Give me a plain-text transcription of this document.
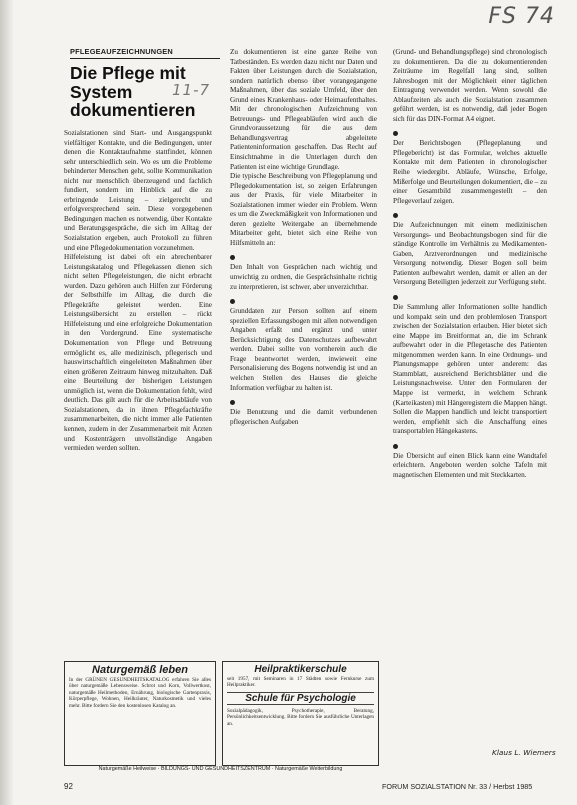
FS 74
11-7
PFLEGEAUFZEICHNUNGEN
Die Pflege mit System dokumentieren

Sozialstationen sind Start- und Ausgangspunkt vielfältiger Kontakte, und die Bedingungen, unter denen die Kontaktaufnahme stattfindet, können sehr unterschiedlich sein. Wo es um die Probleme behinderter Menschen geht, sollte Kommunikation nicht nur menschlich überzeugend und fachlich fundiert, sondern im Hinblick auf die zu erbringende Leistung – zielgerecht und erfolgversprechend sein. Diese vorgegebenen Bedingungen machen es notwendig, über Kontakte und Beratungsgespräche, die sich im Alltag der Sozialstation ergeben, auch Protokoll zu führen und eine Pflegedokumentation vorzunehmen.

Hilfeleistung ist dabei oft ein abrechenbarer Leistungskatalog und Pflegekassen dienen sich nicht selten Pflegeleistungen, die nicht erbracht wurden. Dazu gehören auch Hilfen zur Förderung der Selbsthilfe im Alltag, die durch die Pflegekräfte geleistet werden. Eine Leistungsübersicht zu erstellen – rückt Hilfeleistung und eine erfolgreiche Dokumentation in den Vordergrund. Eine systematische Dokumentation von Pflege und Betreuung ermöglicht es, alle medizinisch, pflegerisch und hauswirtschaftlich eingeleiteten Maßnahmen über einen größeren Zeitraum hinweg mitzuhalten. Daß eine Beurteilung der bisherigen Leistungen unmöglich ist, wenn die Dokumentation fehlt, wird deutlich. Das gilt auch für die Arbeitsabläufe von Sozialstationen, da in ihnen Pflegefachkräfte zusammenarbeiten, die nicht immer alle Patienten kennen, zudem in der Zusammenarbeit mit Ärzten und Kostenträgern unvollständige Angaben vermieden werden sollten.

Zu dokumentieren ist eine ganze Reihe von Tatbeständen. Es werden dazu nicht nur Daten und Fakten über Leistungen durch die Sozialstation, sondern natürlich ebenso über vorangegangene Maßnahmen, über das soziale Umfeld, über den Grund eines Krankenhaus- oder Heimaufenthaltes. Mit der chronologischen Aufzeichnung von Betreuungs- und Pflegeabläufen wird auch die Grundvoraussetzung für die aus dem Behandlungsvertrag abgeleitete Patienteninformation geschaffen. Das Recht auf Einsichtnahme in die Unterlagen durch den Patienten ist eine wichtige Grundlage.

Die typische Beschreibung von Pflegeplanung und Pflegedokumentation ist, so zeigen Erfahrungen aus der Praxis, für viele Mitarbeiter in Sozialstationen immer wieder ein Problem. Wenn es um die Zweckmäßigkeit von Informationen und deren gezielte Weitergabe an übernehmende Mitarbeiter geht, bietet sich eine Reihe von Hilfsmitteln an:

Den Inhalt von Gesprächen nach wichtig und unwichtig zu ordnen, die Gesprächsinhalte richtig zu interpretieren, ist schwer, aber unverzichtbar.

Grunddaten zur Person sollten auf einem speziellen Erfassungsbogen mit allen notwendigen Angaben erfaßt und ergänzt und unter Berücksichtigung des Datenschutzes aufbewahrt werden. Dabei sollte von vornherein auch die Frage beantwortet werden, inwieweit eine Personalisierung des Bogens notwendig ist und an welchen Stellen des Hauses die gleiche Information verfügbar zu halten ist.

Die Benutzung und die damit verbundenen pflegerischen Aufgaben

(Grund- und Behandlungspflege) sind chronologisch zu dokumentieren. Da die zu dokumentierenden Zeiträume im Regelfall lang sind, sollten Jahresbogen mit der Möglichkeit einer täglichen Eintragung verwendet werden. Wenn sowohl die Ablaufzeiten als auch die Sozialstation zusammen geführt werden, ist es notwendig, daß jeder Bogen sich für das DIN-Format A4 eignet.

Der Berichtsbogen (Pflegeplanung und Pflegebericht) ist das Formular, welches aktuelle Kontakte mit dem Patienten in chronologischer Reihe wiedergibt. Abläufe, Wünsche, Erfolge, Mißerfolge und Beurteilungen dokumentiert, die – zu einer Gesamtbild zusammengestellt – den Pflegeverlauf zeigen.

Die Aufzeichnungen mit einem medizinischen Versorgungs- und Beobachtungsbogen sind für die ständige Kontrolle im Verhältnis zu Medikamenten-Gaben, Arztverordnungen und medizinische Versorgung notwendig. Dieser Bogen soll beim Patienten aufbewahrt werden, damit er allen an der Versorgung Beteiligten jederzeit zur Verfügung steht.

Die Sammlung aller Informationen sollte handlich und kompakt sein und den problemlosen Transport zwischen der Sozialstation erlauben. Hier bietet sich eine Mappe im Breitformat an, die im Schrank aufbewahrt oder in die Pflegetasche des Patienten mitgenommen werden kann. In eine Ordnungs- und Planungsmappe gehören unter anderem: das Stammblatt, ausreichend Berichtsblätter und die Leistungsnachweise. Unter den Formularen der Mappe ist vermerkt, in welchem Schrank (Karteikasten) mit Hängeregistern die Mappen hängt. Sollen die Mappen handlich und leicht transportiert werden, empfiehlt sich die Anschaffung eines transportablen Hängekastens.

Die Übersicht auf einen Blick kann eine Wandtafel erleichtern. Angeboten werden solche Tafeln mit magnetischen Elementen und mit Steckkarten.

Klaus L. Wiemers
Naturgemäß leben
In der GRÜNEN GESUNDHEITSKATALOG erfahren Sie alles über naturgemäße Lebensweise. Schrot und Korn, Vollwertkost, naturgemäße Heilmethoden, Ernährung, biologische Gartenpraxis, Körperpflege, Wohnen, Heilkräuter, Naturkosmetik und vieles mehr. Bitte fordern Sie den kostenlosen Katalog an.
Heilpraktikerschule
seit 1957, mit Seminaren in 17 Städten sowie Fernkurse zum Heilpraktiker.
Schule für Psychologie
Sozialpädagogik, Psychotherapie, Beratung, Persönlichkeitsentwicklung. Bitte fordern Sie ausführliche Unterlagen an.
Naturgemäße Heilweise · BILDUNGS- UND GESUNDHEITSZENTRUM · Naturgemäße Weiterbildung
92	FORUM SOZIALSTATION Nr. 33 / Herbst 1985
